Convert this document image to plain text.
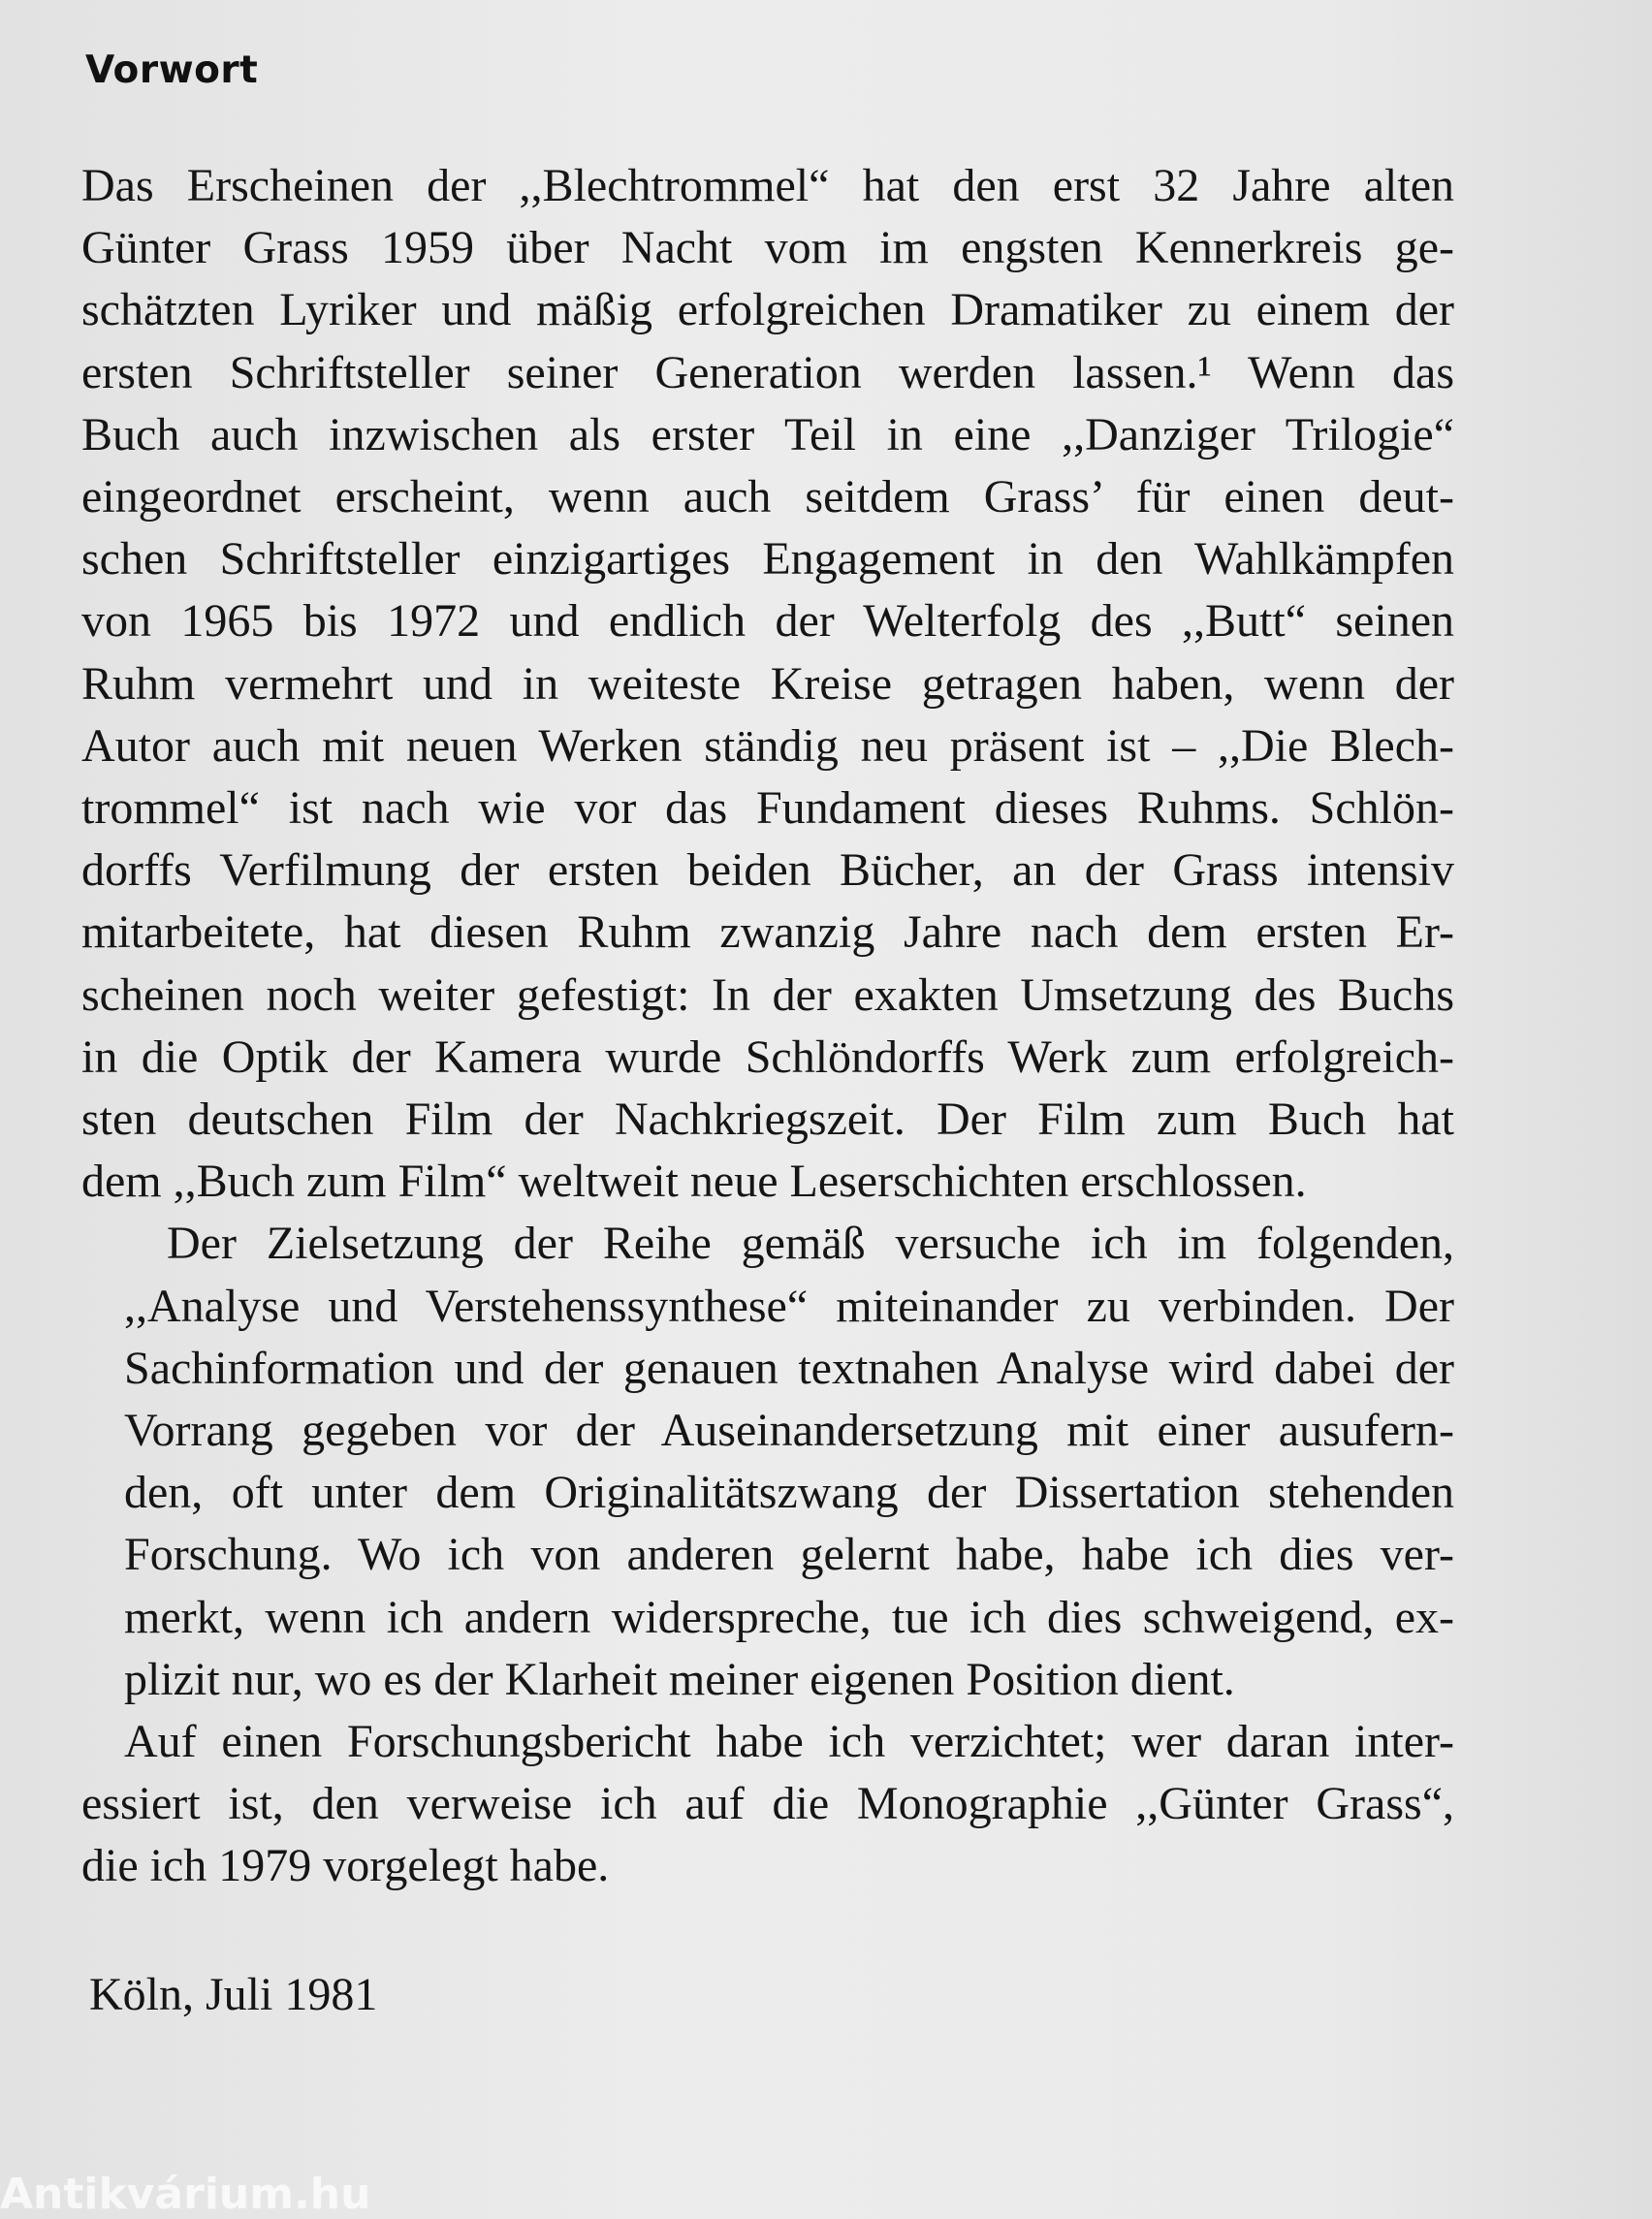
Vorwort

Das Erscheinen der ,,Blechtrommel“ hat den erst 32 Jahre alten
Günter Grass 1959 über Nacht vom im engsten Kennerkreis ge-
schätzten Lyriker und mäßig erfolgreichen Dramatiker zu einem der
ersten Schriftsteller seiner Generation werden lassen.¹ Wenn das
Buch auch inzwischen als erster Teil in eine ,,Danziger Trilogie“
eingeordnet erscheint, wenn auch seitdem Grass’ für einen deut-
schen Schriftsteller einzigartiges Engagement in den Wahlkämpfen
von 1965 bis 1972 und endlich der Welterfolg des ,,Butt“ seinen
Ruhm vermehrt und in weiteste Kreise getragen haben, wenn der
Autor auch mit neuen Werken ständig neu präsent ist – ,,Die Blech-
trommel“ ist nach wie vor das Fundament dieses Ruhms. Schlön-
dorffs Verfilmung der ersten beiden Bücher, an der Grass intensiv
mitarbeitete, hat diesen Ruhm zwanzig Jahre nach dem ersten Er-
scheinen noch weiter gefestigt: In der exakten Umsetzung des Buchs
in die Optik der Kamera wurde Schlöndorffs Werk zum erfolgreich-
sten deutschen Film der Nachkriegszeit. Der Film zum Buch hat
dem ,,Buch zum Film“ weltweit neue Leserschichten erschlossen.

Der Zielsetzung der Reihe gemäß versuche ich im folgenden,
,,Analyse und Verstehenssynthese“ miteinander zu verbinden. Der
Sachinformation und der genauen textnahen Analyse wird dabei der
Vorrang gegeben vor der Auseinandersetzung mit einer ausufern-
den, oft unter dem Originalitätszwang der Dissertation stehenden
Forschung. Wo ich von anderen gelernt habe, habe ich dies ver-
merkt, wenn ich andern widerspreche, tue ich dies schweigend, ex-
plizit nur, wo es der Klarheit meiner eigenen Position dient.

Auf einen Forschungsbericht habe ich verzichtet; wer daran inter-
essiert ist, den verweise ich auf die Monographie ,,Günter Grass“,
die ich 1979 vorgelegt habe.

Köln, Juli 1981
Antikvárium.hu
